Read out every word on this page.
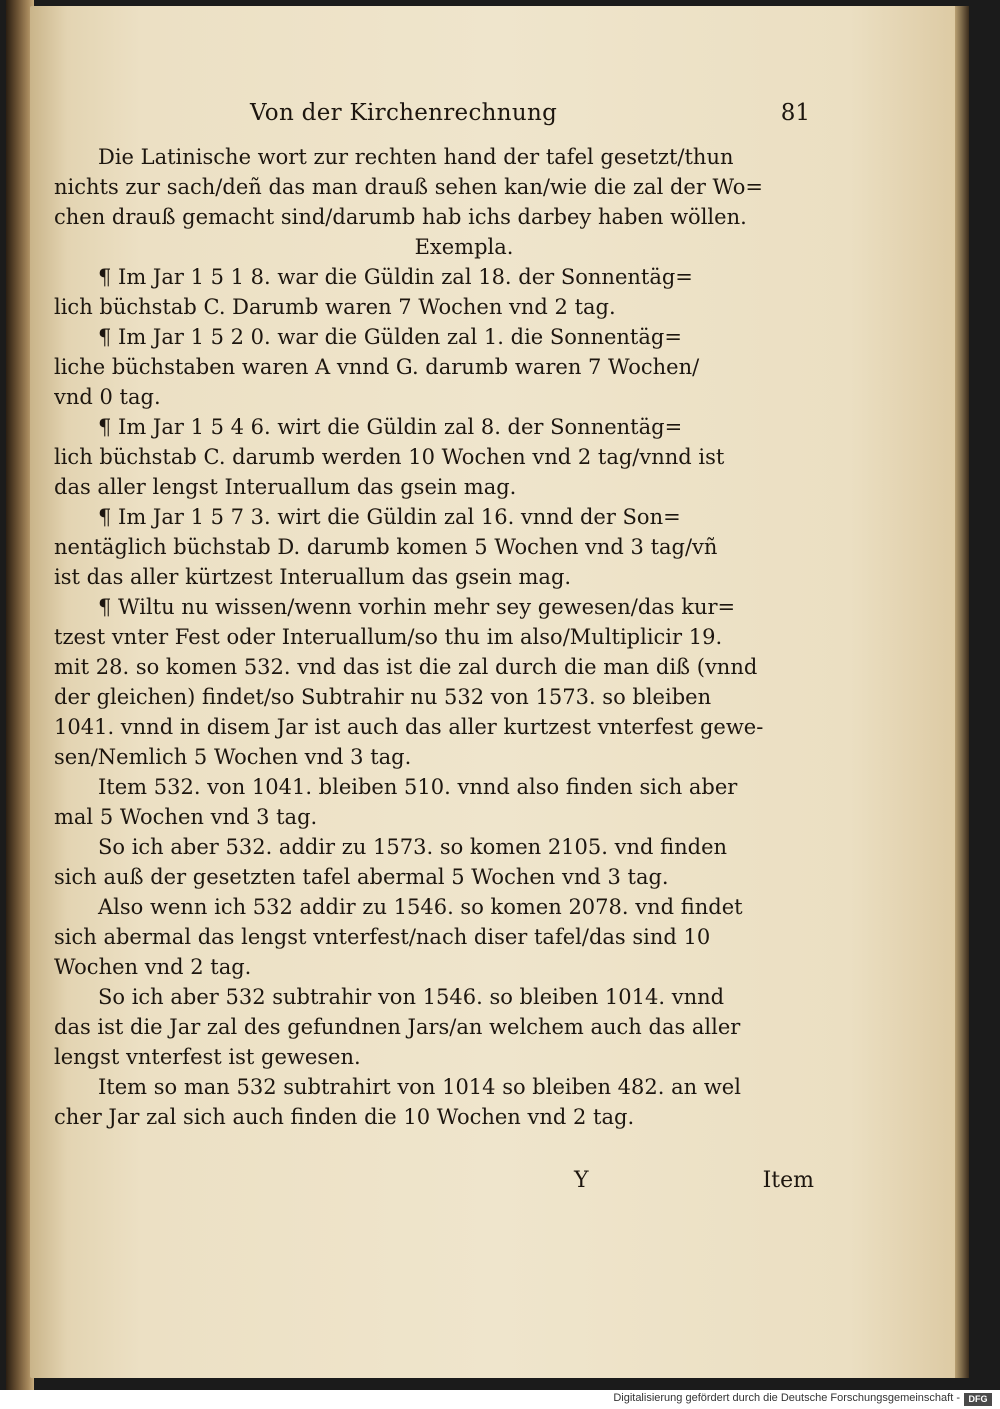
Von der Kirchenrechnung	81
Die Latinische wort zur rechten hand der tafel gesetzt/thun
nichts zur sach/deñ das man drauß sehen kan/wie die zal der Wo=
chen drauß gemacht sind/darumb hab ichs darbey haben wöllen.
Exempla.
¶ Im Jar 1 5 1 8. war die Güldin zal 18. der Sonnentäg=
lich büchstab C. Darumb waren 7 Wochen vnd 2 tag.
¶ Im Jar 1 5 2 0. war die Gülden zal 1. die Sonnentäg=
liche büchstaben waren A vnnd G. darumb waren 7 Wochen/
vnd 0 tag.
¶ Im Jar 1 5 4 6. wirt die Güldin zal 8. der Sonnentäg=
lich büchstab C. darumb werden 10 Wochen vnd 2 tag/vnnd ist
das aller lengst Interuallum das gsein mag.
¶ Im Jar 1 5 7 3. wirt die Güldin zal 16. vnnd der Son=
nentäglich büchstab D. darumb komen 5 Wochen vnd 3 tag/vñ
ist das aller kürtzest Interuallum das gsein mag.
¶ Wiltu nu wissen/wenn vorhin mehr sey gewesen/das kur=
tzest vnter Fest oder Interuallum/so thu im also/Multiplicir 19.
mit 28. so komen 532. vnd das ist die zal durch die man diß (vnnd
der gleichen) findet/so Subtrahir nu 532 von 1573. so bleiben
1041. vnnd in disem Jar ist auch das aller kurtzest vnterfest gewe-
sen/Nemlich 5 Wochen vnd 3 tag.
Item 532. von 1041. bleiben 510. vnnd also finden sich aber
mal 5 Wochen vnd 3 tag.
So ich aber 532. addir zu 1573. so komen 2105. vnd finden
sich auß der gesetzten tafel abermal 5 Wochen vnd 3 tag.
Also wenn ich 532 addir zu 1546. so komen 2078. vnd findet
sich abermal das lengst vnterfest/nach diser tafel/das sind 10
Wochen vnd 2 tag.
So ich aber 532 subtrahir von 1546. so bleiben 1014. vnnd
das ist die Jar zal des gefundnen Jars/an welchem auch das aller
lengst vnterfest ist gewesen.
Item so man 532 subtrahirt von 1014 so bleiben 482. an wel
cher Jar zal sich auch finden die 10 Wochen vnd 2 tag.
Y	Item
Digitalisierung gefördert durch die Deutsche Forschungsgemeinschaft - DFG
